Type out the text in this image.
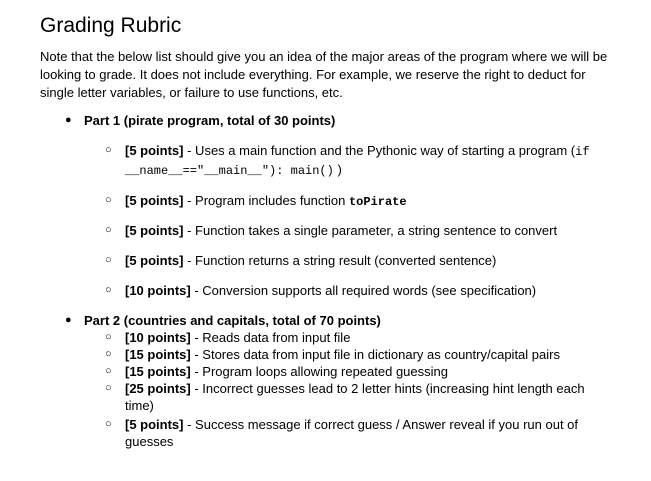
Grading Rubric

Note that the below list should give you an idea of the major areas of the program where we will be looking to grade. It does not include everything. For example, we reserve the right to deduct for single letter variables, or failure to use functions, etc.

● Part 1 (pirate program, total of 30 points)
○ [5 points] - Uses a main function and the Pythonic way of starting a program (if
__name__=="__main__"): main() )
○ [5 points] - Program includes function toPirate
○ [5 points] - Function takes a single parameter, a string sentence to convert
○ [5 points] - Function returns a string result (converted sentence)
○ [10 points] - Conversion supports all required words (see specification)
● Part 2 (countries and capitals, total of 70 points)
○ [10 points] - Reads data from input file
○ [15 points] - Stores data from input file in dictionary as country/capital pairs
○ [15 points] - Program loops allowing repeated guessing
○ [25 points] - Incorrect guesses lead to 2 letter hints (increasing hint length each time)
○ [5 points] - Success message if correct guess / Answer reveal if you run out of guesses
